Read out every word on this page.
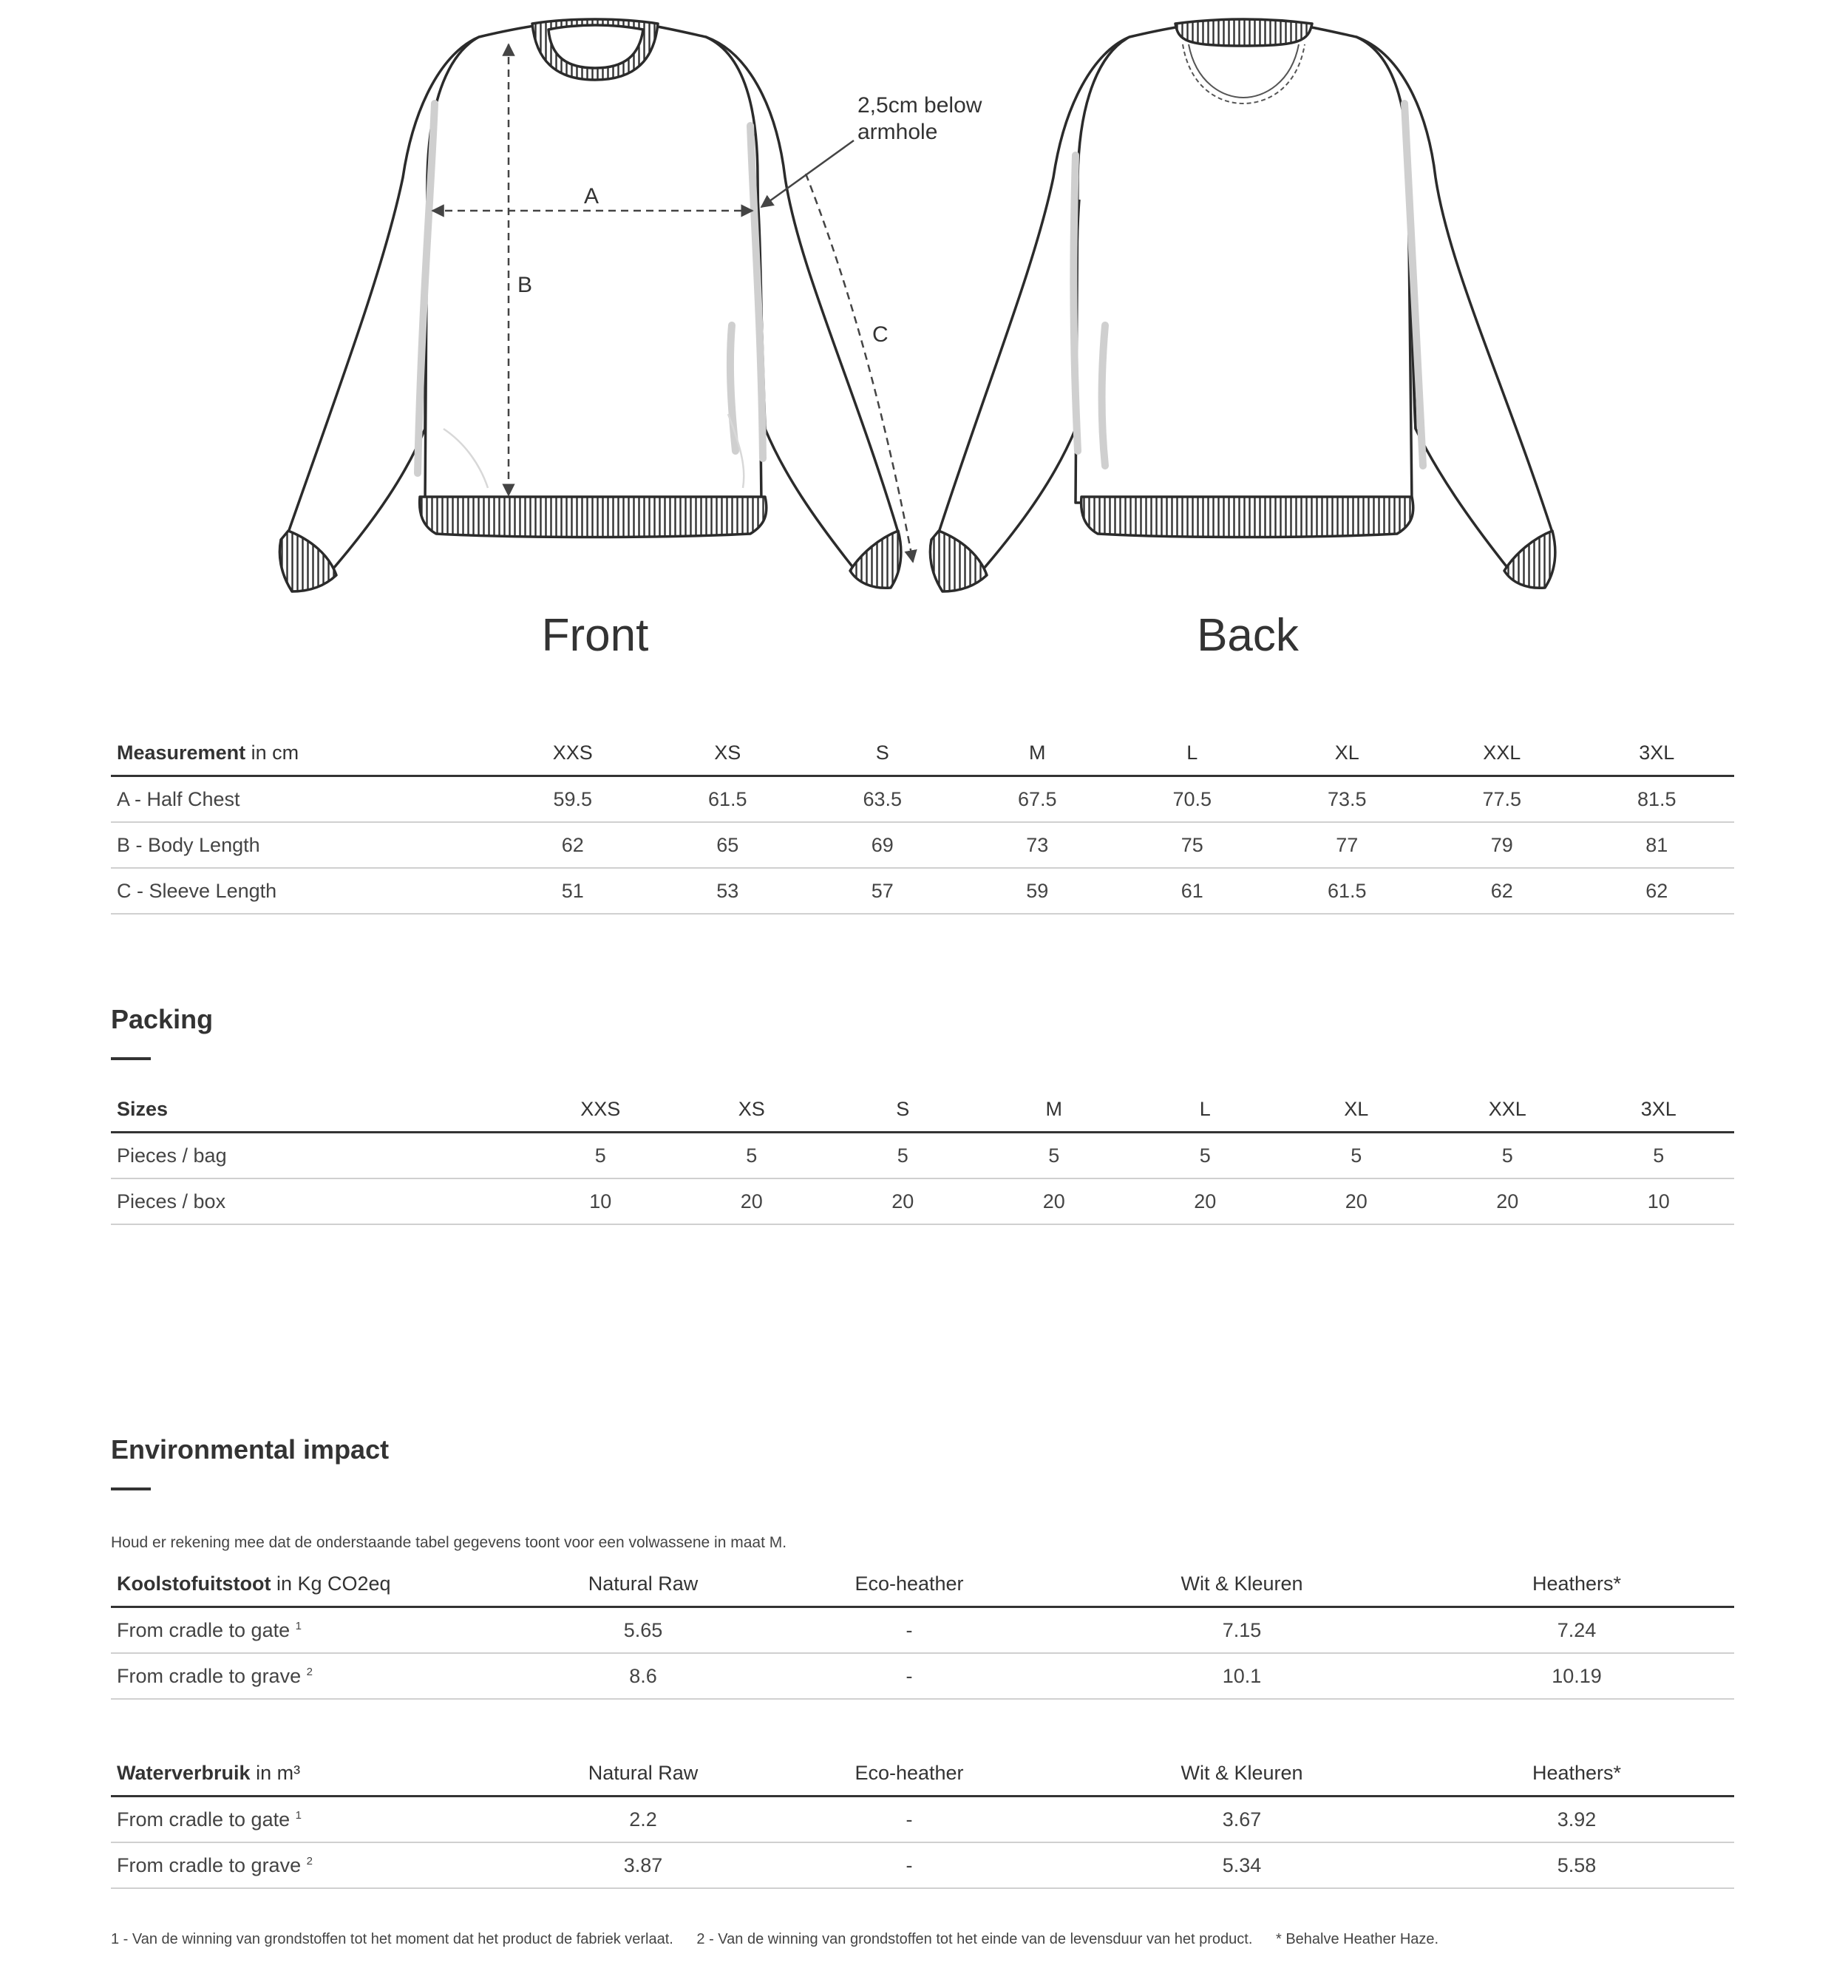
A
B
C
2,5cm below
armhole
Front	Back
Measurement in cm	XXS	XS	S	M	L	XL	XXL	3XL
A - Half Chest	59.5	61.5	63.5	67.5	70.5	73.5	77.5	81.5
B - Body Length	62	65	69	73	75	77	79	81
C - Sleeve Length	51	53	57	59	61	61.5	62	62
Packing
Sizes	XXS	XS	S	M	L	XL	XXL	3XL
Pieces / bag	5	5	5	5	5	5	5	5
Pieces / box	10	20	20	20	20	20	20	10
Environmental impact
Houd er rekening mee dat de onderstaande tabel gegevens toont voor een volwassene in maat M.
Koolstofuitstoot in Kg CO2eq	Natural Raw	Eco-heather	Wit & Kleuren	Heathers*
From cradle to gate $^1$	5.65	-	7.15	7.24
From cradle to grave $^2$	8.6	-	10.1	10.19
Waterverbruik in m³	Natural Raw	Eco-heather	Wit & Kleuren	Heathers*
From cradle to gate $^1$	2.2	-	3.67	3.92
From cradle to grave $^2$	3.87	-	5.34	5.58
1 - Van de winning van grondstoffen tot het moment dat het product de fabriek verlaat. 2 - Van de winning van grondstoffen tot het einde van de levensduur van het product. * Behalve Heather Haze.
